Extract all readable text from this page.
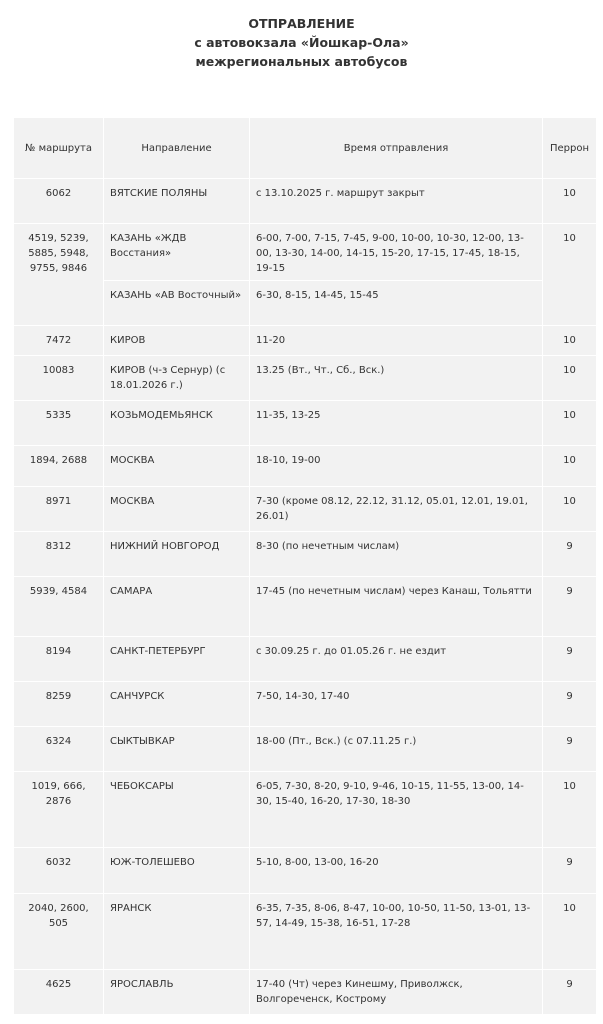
ОТПРАВЛЕНИЕ
с автовокзала «Йошкар-Ола»
межрегиональных автобусов
№ маршрута	Направление	Время отправления	Перрон
6062	ВЯТСКИЕ ПОЛЯНЫ	с 13.10.2025 г. маршрут закрыт	10
4519, 5239, 5885, 5948, 9755, 9846	КАЗАНЬ «ЖДВ Восстания»	6-00, 7-00, 7-15, 7-45, 9-00, 10-00, 10-30, 12-00, 13-00, 13-30, 14-00, 14-15, 15-20, 17-15, 17-45, 18-15, 19-15	10
	КАЗАНЬ «АВ Восточный»	6-30, 8-15, 14-45, 15-45	
7472	КИРОВ	11-20	10
10083	КИРОВ (ч-з Сернур) (с 18.01.2026 г.)	13.25 (Вт., Чт., Сб., Вск.)	10
5335	КОЗЬМОДЕМЬЯНСК	11-35, 13-25	10
1894, 2688	МОСКВА	18-10, 19-00	10
8971	МОСКВА	7-30 (кроме 08.12, 22.12, 31.12, 05.01, 12.01, 19.01, 26.01)	10
8312	НИЖНИЙ НОВГОРОД	8-30 (по нечетным числам)	9
5939, 4584	САМАРА	17-45 (по нечетным числам) через Канаш, Тольятти	9
8194	САНКТ-ПЕТЕРБУРГ	с 30.09.25 г. до 01.05.26 г. не ездит	9
8259	САНЧУРСК	7-50, 14-30, 17-40	9
6324	СЫКТЫВКАР	18-00 (Пт., Вск.) (с 07.11.25 г.)	9
1019, 666, 2876	ЧЕБОКСАРЫ	6-05, 7-30, 8-20, 9-10, 9-46, 10-15, 11-55, 13-00, 14-30, 15-40, 16-20, 17-30, 18-30	10
6032	ЮЖ-ТОЛЕШЕВО	5-10, 8-00, 13-00, 16-20	9
2040, 2600, 505	ЯРАНСК	6-35, 7-35, 8-06, 8-47, 10-00, 10-50, 11-50, 13-01, 13-57, 14-49, 15-38, 16-51, 17-28	10
4625	ЯРОСЛАВЛЬ	17-40 (Чт) через Кинешму, Приволжск, Волгореченск, Кострому	9
